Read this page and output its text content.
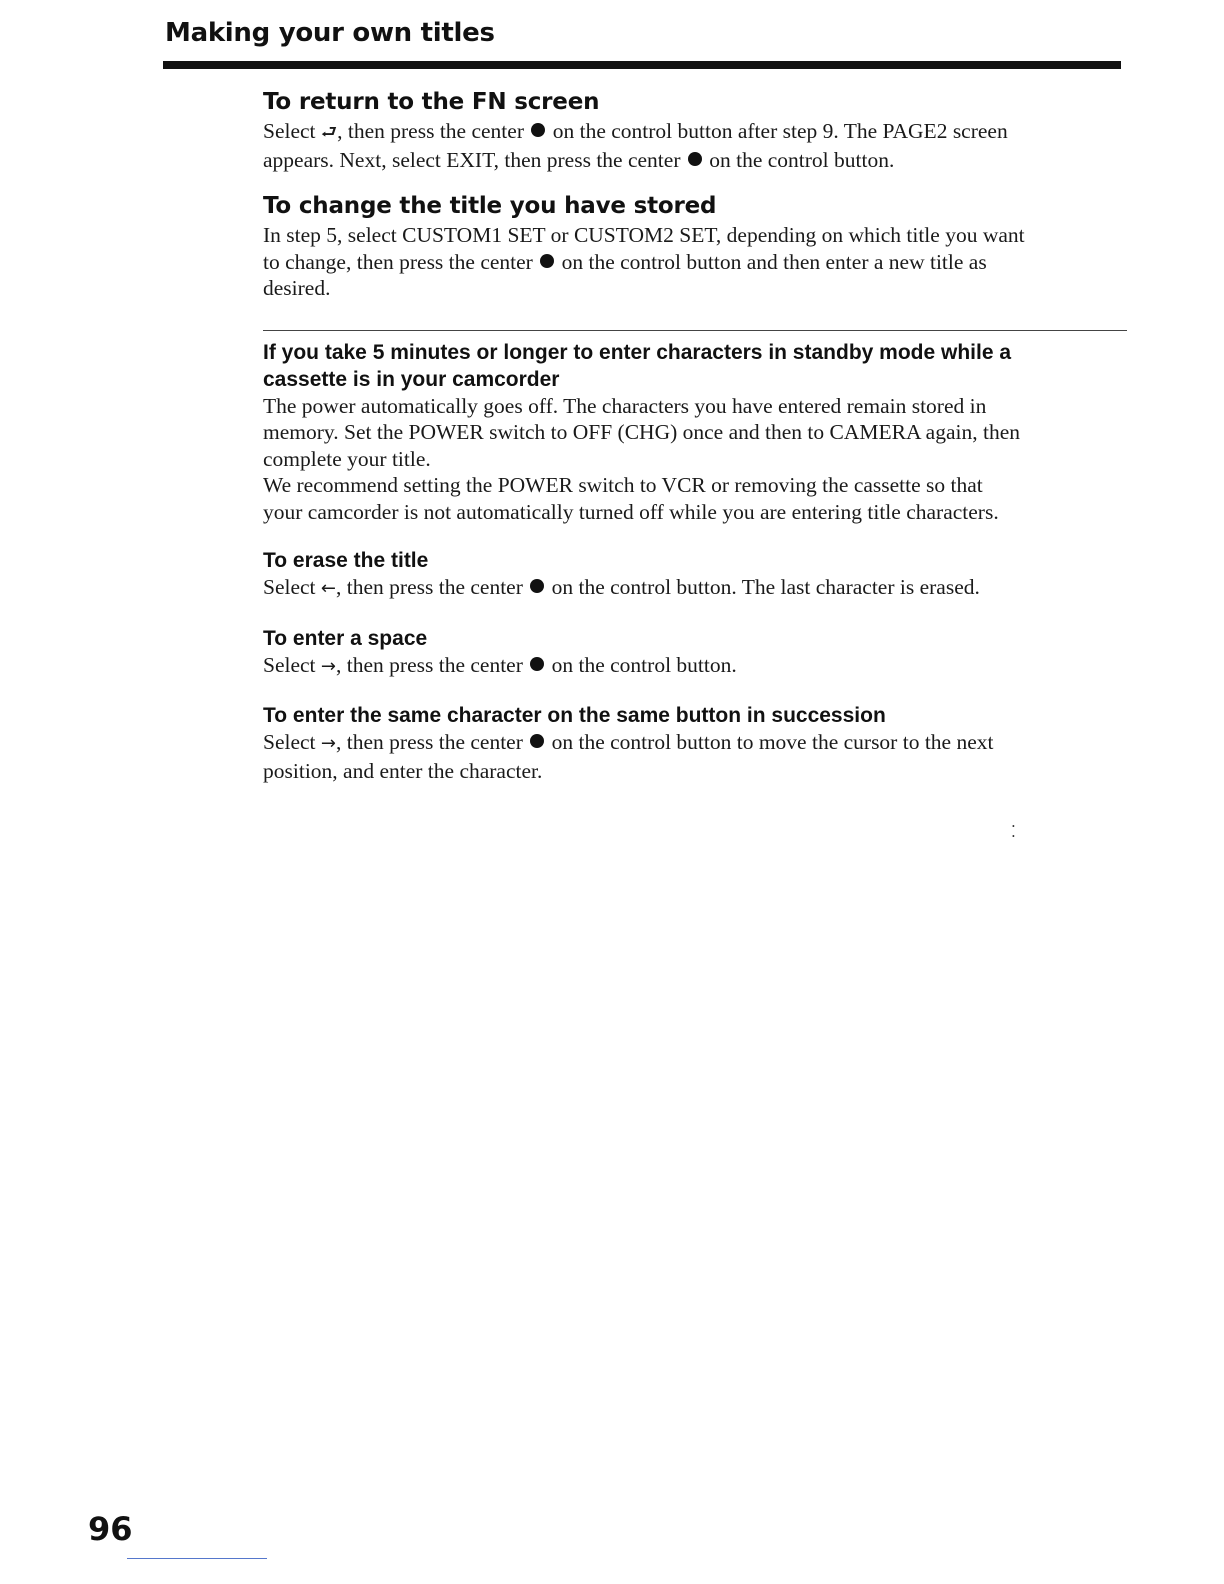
Making your own titles
To return to the FN screen

Select ⮐, then press the center  on the control button after step 9. The PAGE2 screen
appears. Next, select EXIT, then press the center  on the control button.

To change the title you have stored

In step 5, select CUSTOM1 SET or CUSTOM2 SET, depending on which title you want
to change, then press the center  on the control button and then enter a new title as
desired.

If you take 5 minutes or longer to enter characters in standby mode while a
cassette is in your camcorder

The power automatically goes off. The characters you have entered remain stored in
memory. Set the POWER switch to OFF (CHG) once and then to CAMERA again, then
complete your title.

We recommend setting the POWER switch to VCR or removing the cassette so that
your camcorder is not automatically turned off while you are entering title characters.

To erase the title

Select ←, then press the center  on the control button. The last character is erased.

To enter a space

Select →, then press the center  on the control button.

To enter the same character on the same button in succession

Select →, then press the center  on the control button to move the cursor to the next
position, and enter the character.

•
•
96
